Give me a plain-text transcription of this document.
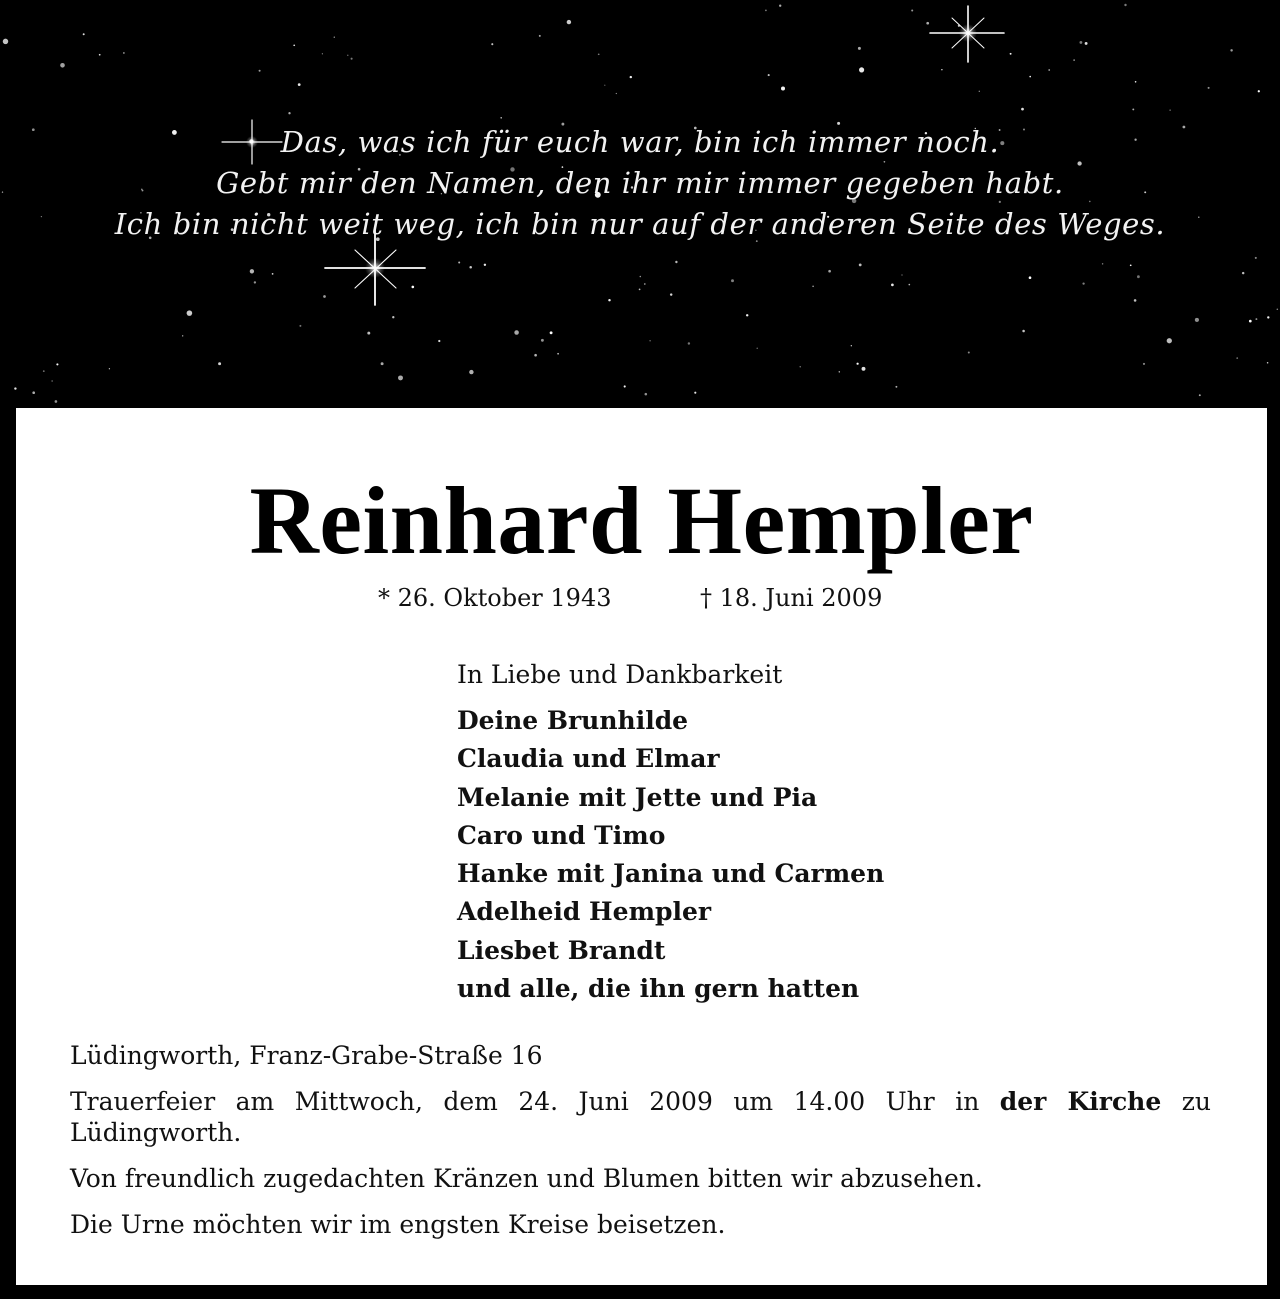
Das, was ich für euch war, bin ich immer noch.
Gebt mir den Namen, den ihr mir immer gegeben habt.
Ich bin nicht weit weg, ich bin nur auf der anderen Seite des Weges.
Reinhard Hempler
* 26. Oktober 1943	† 18. Juni 2009
In Liebe und Dankbarkeit
Deine Brunhilde
Claudia und Elmar
Melanie mit Jette und Pia
Caro und Timo
Hanke mit Janina und Carmen
Adelheid Hempler
Liesbet Brandt
und alle, die ihn gern hatten

Lüdingworth, Franz-Grabe-Straße 16

Trauerfeier am Mittwoch, dem 24. Juni 2009 um 14.00 Uhr in der Kirche zu Lüdingworth.

Von freundlich zugedachten Kränzen und Blumen bitten wir abzusehen.

Die Urne möchten wir im engsten Kreise beisetzen.
